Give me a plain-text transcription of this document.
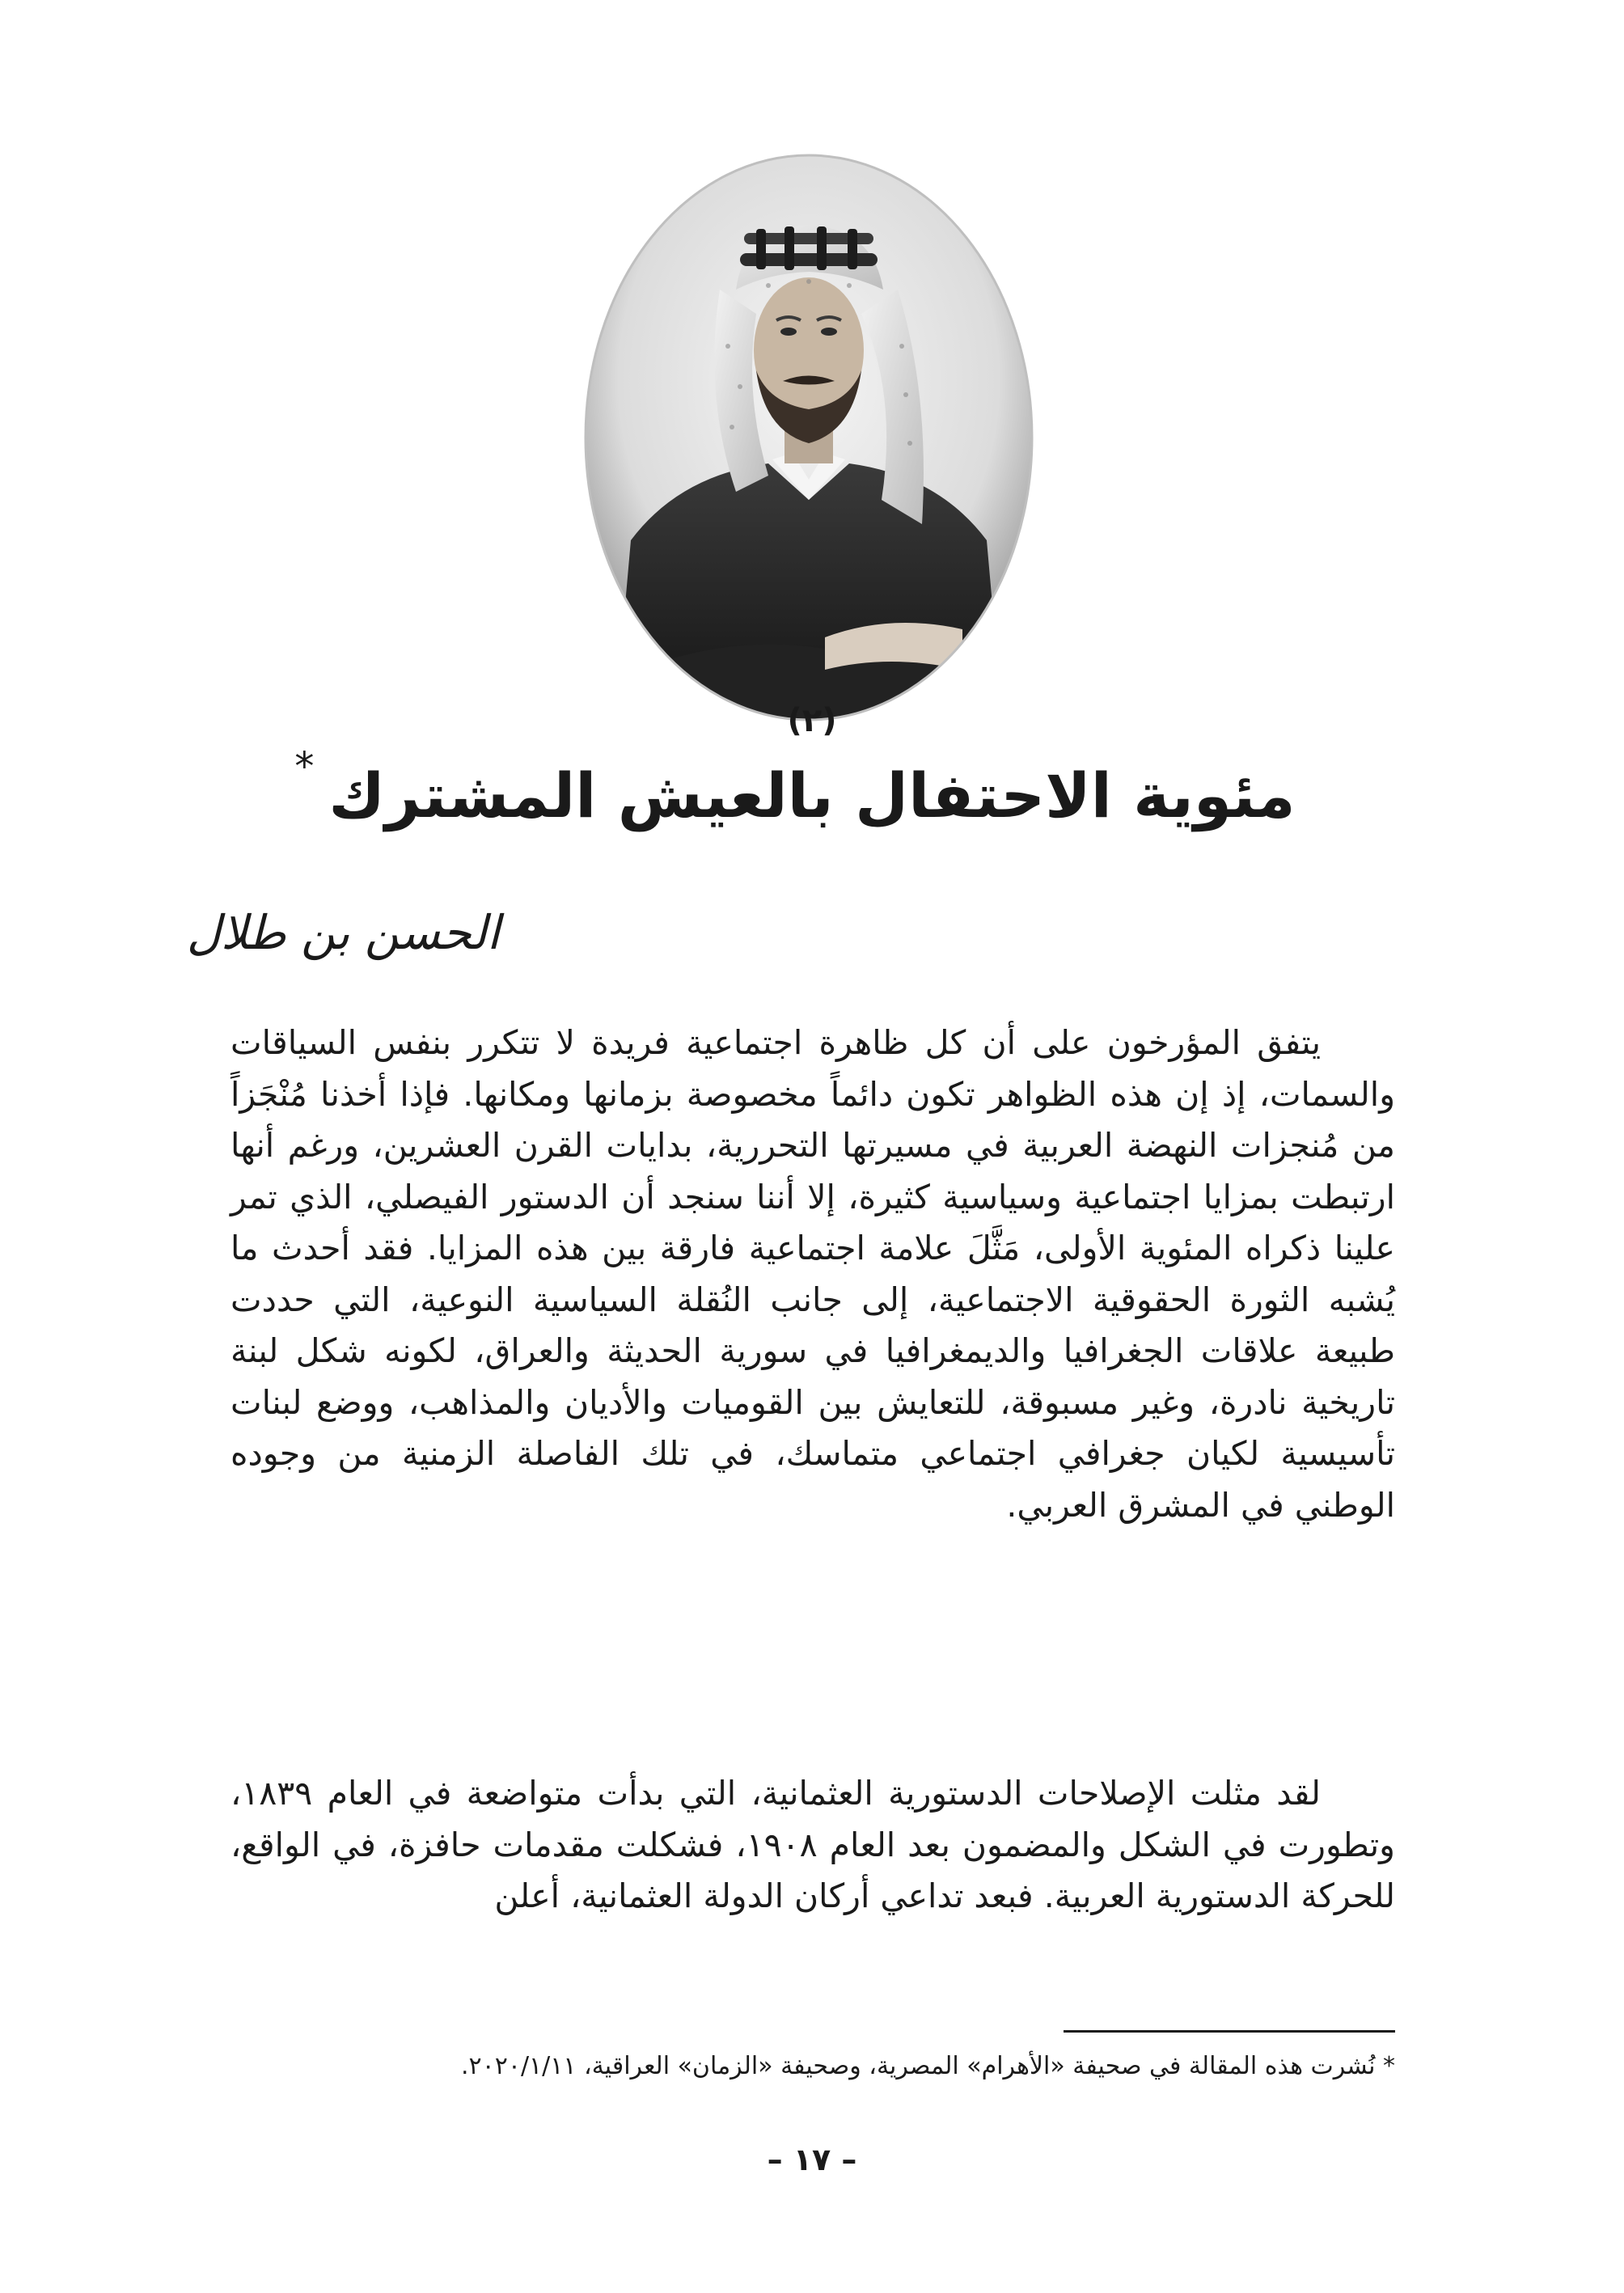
(٢)
مئوية الاحتفال بالعيش المشترك
*
الحسن بن طلال

يتفق المؤرخون على أن كل ظاهرة اجتماعية فريدة لا تتكرر بنفس السياقات والسمات، إذ إن هذه الظواهر تكون دائماً مخصوصة بزمانها ومكانها. فإذا أخذنا مُنْجَزاً من مُنجزات النهضة العربية في مسيرتها التحررية، بدايات القرن العشرين، ورغم أنها ارتبطت بمزايا اجتماعية وسياسية كثيرة، إلا أننا سنجد أن الدستور الفيصلي، الذي تمر علينا ذكراه المئوية الأولى، مَثَّلَ علامة اجتماعية فارقة بين هذه المزايا. فقد أحدث ما يُشبه الثورة الحقوقية الاجتماعية، إلى جانب النُقلة السياسية النوعية، التي حددت طبيعة علاقات الجغرافيا والديمغرافيا في سورية الحديثة والعراق، لكونه شكل لبنة تاريخية نادرة، وغير مسبوقة، للتعايش بين القوميات والأديان والمذاهب، ووضع لبنات تأسيسية لكيان جغرافي اجتماعي متماسك، في تلك الفاصلة الزمنية من وجوده الوطني في المشرق العربي.

لقد مثلت الإصلاحات الدستورية العثمانية، التي بدأت متواضعة في العام ١٨٣٩، وتطورت في الشكل والمضمون بعد العام ١٩٠٨، فشكلت مقدمات حافزة، في الواقع، للحركة الدستورية العربية. فبعد تداعي أركان الدولة العثمانية، أعلن

* نُشرت هذه المقالة في صحيفة «الأهرام» المصرية، وصحيفة «الزمان» العراقية، ٢٠٢٠/١/١١.
– ١٧ –
